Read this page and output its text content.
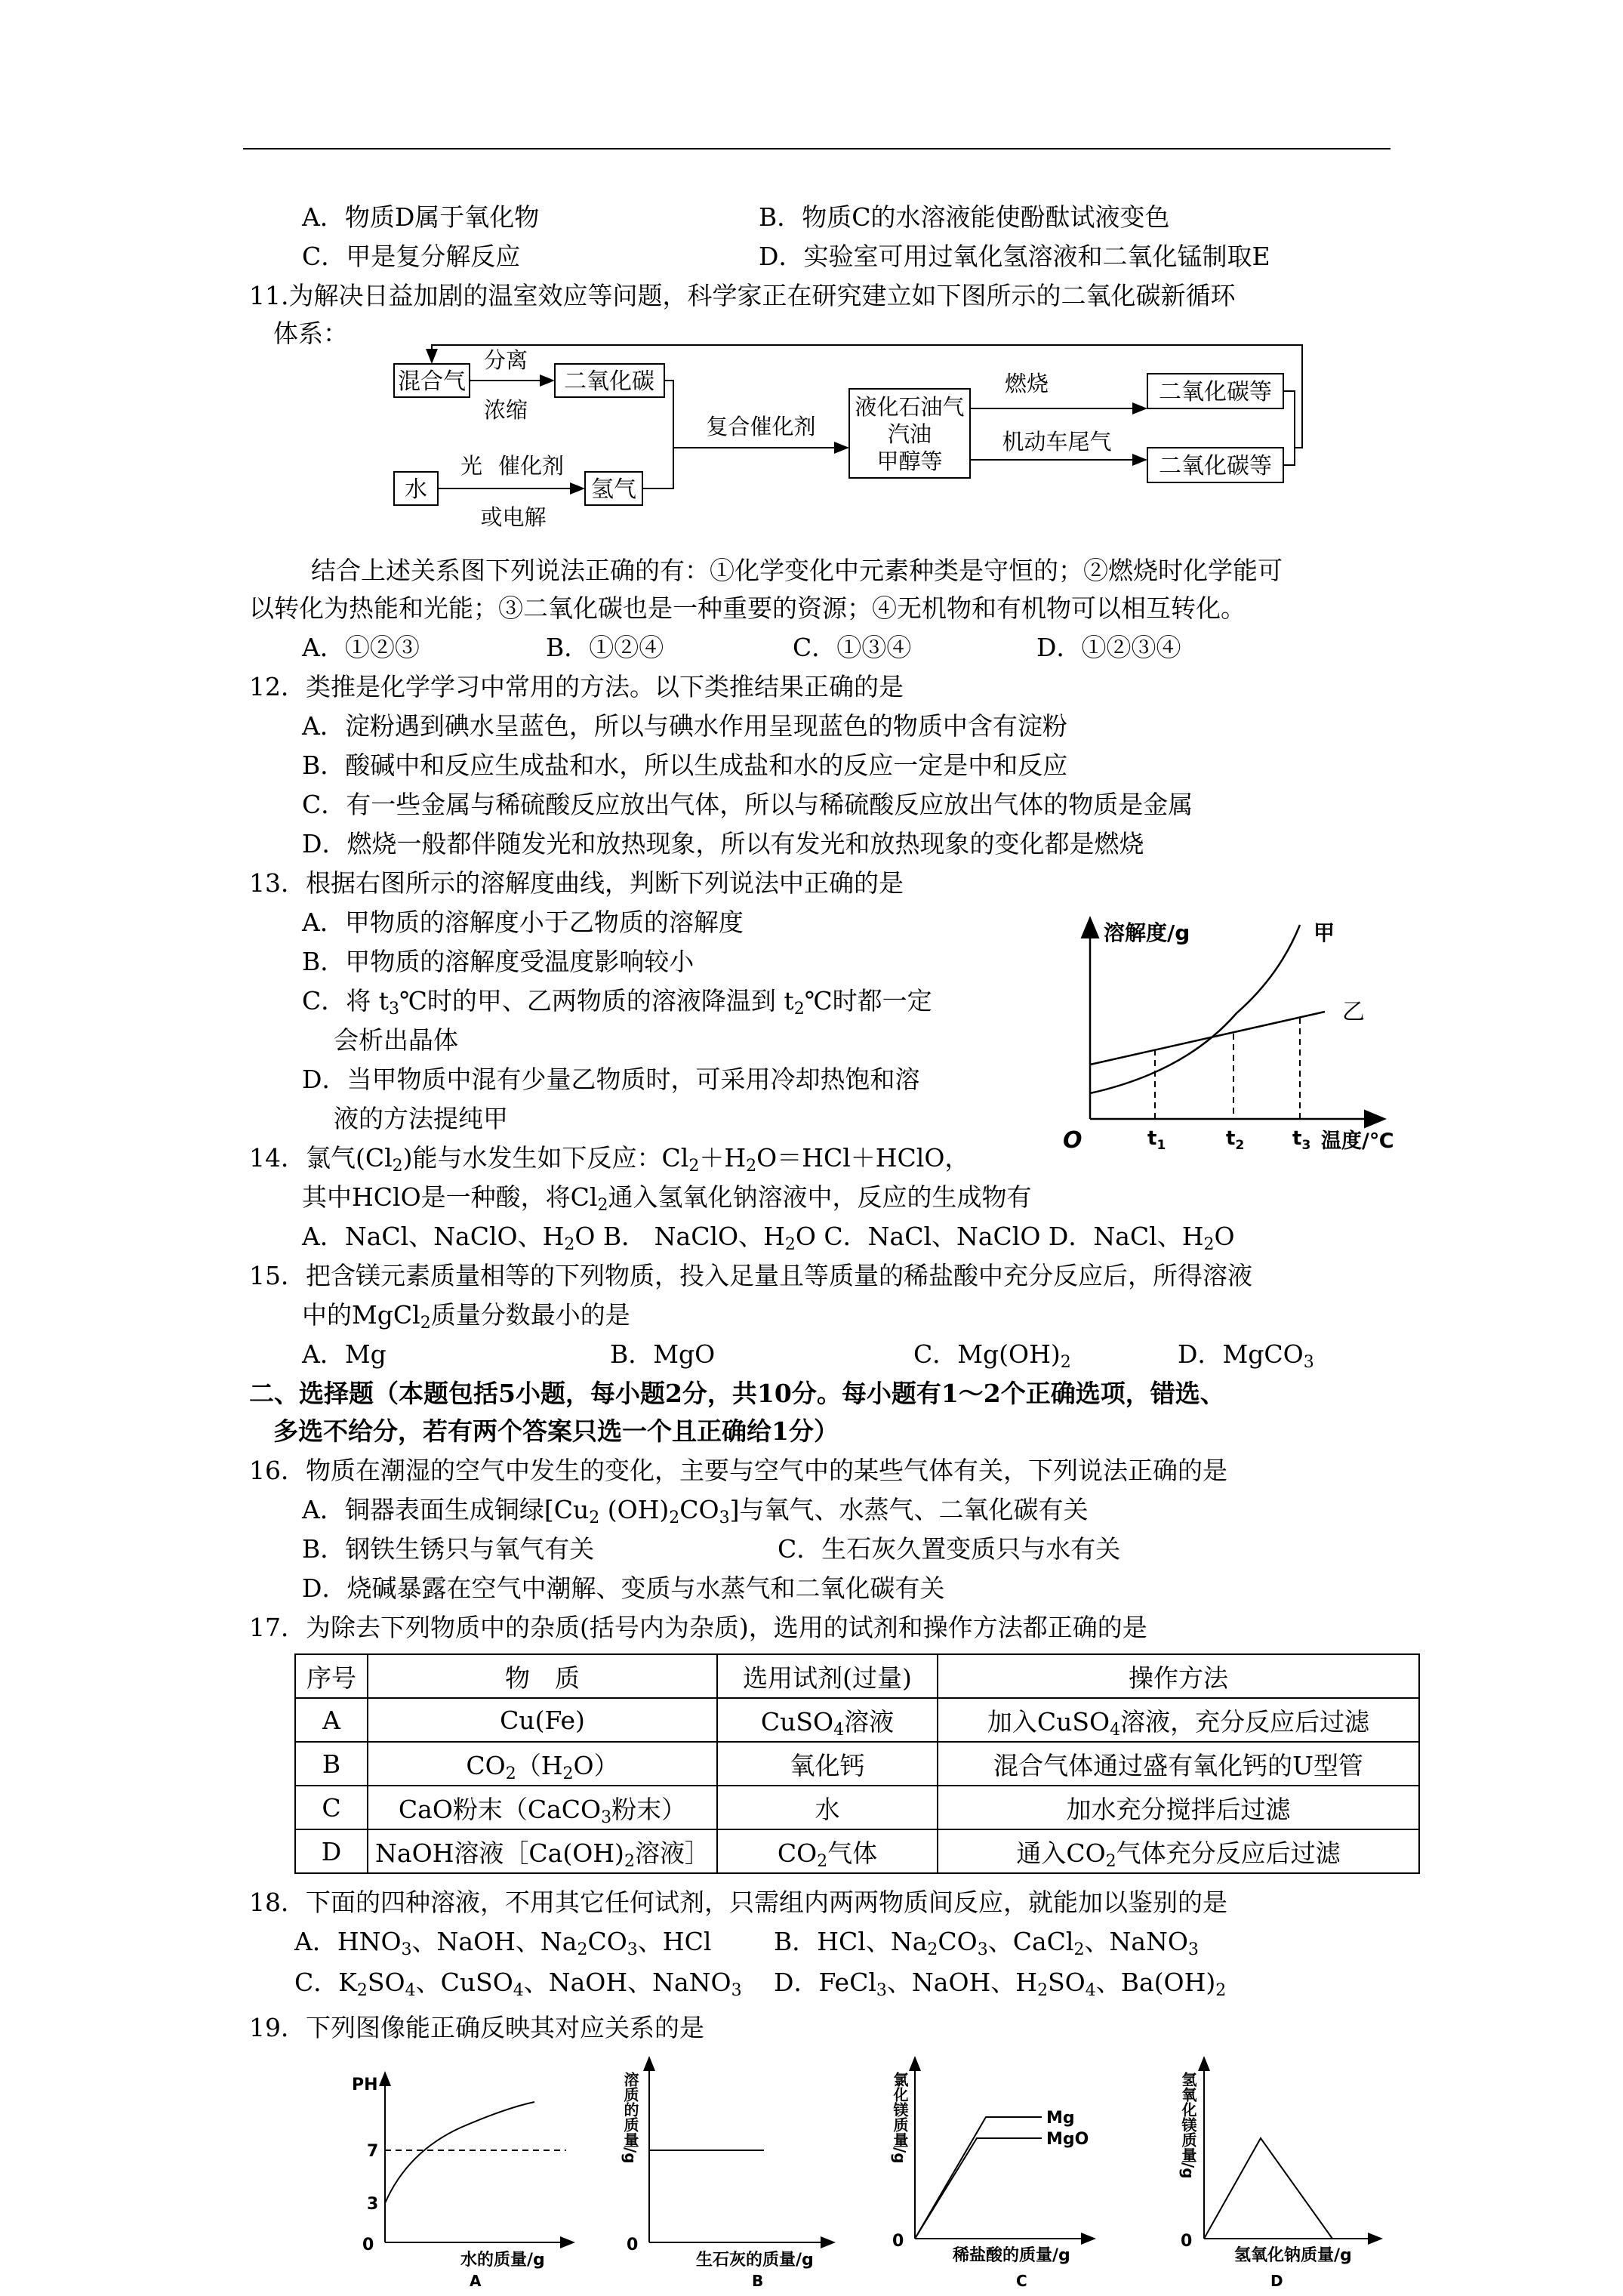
A．物质D属于氧化物	B．物质C的水溶液能使酚酞试液变色
C．甲是复分解反应	D．实验室可用过氧化氢溶液和二氧化锰制取E
11.为解决日益加剧的温室效应等问题，科学家正在研究建立如下图所示的二氧化碳新循环
体系：
混合气
分离
浓缩
二氧化碳
水
光 催化剂
或电解
氢气
复合催化剂
液化石油气
汽油
甲醇等
燃烧
机动车尾气
二氧化碳等
二氧化碳等
结合上述关系图下列说法正确的有：①化学变化中元素种类是守恒的；②燃烧时化学能可
以转化为热能和光能；③二氧化碳也是一种重要的资源；④无机物和有机物可以相互转化。
A．①②③	B．①②④	C．①③④	D．①②③④
12．类推是化学学习中常用的方法。以下类推结果正确的是
A．淀粉遇到碘水呈蓝色，所以与碘水作用呈现蓝色的物质中含有淀粉
B．酸碱中和反应生成盐和水，所以生成盐和水的反应一定是中和反应
C．有一些金属与稀硫酸反应放出气体，所以与稀硫酸反应放出气体的物质是金属
D．燃烧一般都伴随发光和放热现象，所以有发光和放热现象的变化都是燃烧
13．根据右图所示的溶解度曲线，判断下列说法中正确的是
A．甲物质的溶解度小于乙物质的溶解度
B．甲物质的溶解度受温度影响较小
C．将 $t_3℃$时的甲、乙两物质的溶液降温到 $t_2℃$时都一定
会析出晶体
D．当甲物质中混有少量乙物质时，可采用冷却热饱和溶
液的方法提纯甲
溶解度/g	甲
乙
O	$t_1$	$t_2$ $t_3$ 温度/℃
14．氯气$(Cl_2)$能与水发生如下反应：$Cl_2+H_2O=HCl+HClO$，
其中HClO是一种酸，将$Cl_2$通入氢氧化钠溶液中，反应的生成物有
A．NaCl、NaClO、$H_2O$ B． NaClO、$H_2O$ C．NaCl、NaClO D．NaCl、$H_2O$
15．把含镁元素质量相等的下列物质，投入足量且等质量的稀盐酸中充分反应后，所得溶液
中的MgCl$_2$质量分数最小的是
A．Mg	B．MgO	C．$Mg(OH)_2$	D．MgCO$_3$
二、选择题（本题包括5小题，每小题2分，共10分。每小题有1～2个正确选项，错选、
多选不给分，若有两个答案只选一个且正确给1分）
16．物质在潮湿的空气中发生的变化，主要与空气中的某些气体有关，下列说法正确的是
A．铜器表面生成铜绿[$Cu_2$ $(OH)_2CO_3$]与氧气、水蒸气、二氧化碳有关
B．钢铁生锈只与氧气有关	C．生石灰久置变质只与水有关
D．烧碱暴露在空气中潮解、变质与水蒸气和二氧化碳有关
17．为除去下列物质中的杂质(括号内为杂质)，选用的试剂和操作方法都正确的是
序号	物　质	选用试剂(过量)	操作方法
A	Cu(Fe)	CuSO$_4$溶液	加入CuSO$_4$溶液，充分反应后过滤
B	$CO_2(H_2O)$	氧化钙	混合气体通过盛有氧化钙的U型管
C	CaO粉末（CaCO$_3$粉末）	水	加水充分搅拌后过滤
D	NaOH溶液$[Ca(OH)_2$溶液］	$CO_2$气体	通入$CO_2$气体充分反应后过滤
18．下面的四种溶液，不用其它任何试剂，只需组内两两物质间反应，就能加以鉴别的是
A．$HNO_3$、NaOH、$Na_2CO_3$、HCl	B．HCl、$Na_2CO_3$、CaCl$_2$、NaNO$_3$
C．$K_2SO_4$、CuSO$_4$、NaOH、NaNO$_3$ D．FeCl$_3$、NaOH、$H_2SO_4$、$Ba(OH)_2$
19．下列图像能正确反映其对应关系的是
PH
7
3
0
水的质量/g
A
溶质的质量/g
0
生石灰的质量/g
B
氯化镁质量/g
0
稀盐酸的质量/g
C
Mg
MgO	氢氧化镁质量/g
0
氢氧化钠质量/g
D
